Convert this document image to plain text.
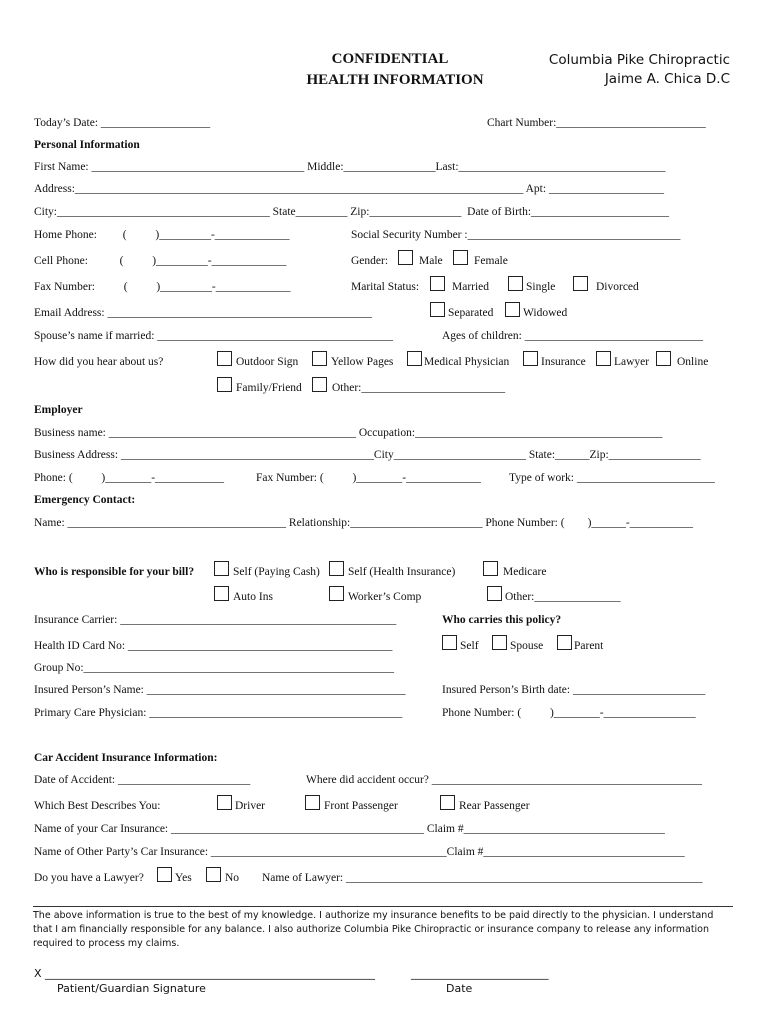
CONFIDENTIAL
HEALTH INFORMATION
Columbia Pike Chiropractic
Jaime A. Chica D.C
Today’s Date: ___________________	Chart Number:__________________________
Personal Information
First Name: _____________________________________ Middle:________________Last:____________________________________
Address:______________________________________________________________________________ Apt: ____________________
City:_____________________________________ State_________ Zip:________________  Date of Birth:________________________
Home Phone:         (          )_________-_____________	Social Security Number :_____________________________________
Cell Phone:           (          )_________-_____________	Gender:	Male	Female
Fax Number:          (          )_________-_____________	Marital Status:	Married	Single	Divorced
Email Address: ______________________________________________	Separated	Widowed
Spouse’s name if married: _________________________________________	Ages of children: _______________________________
How did you hear about us?	Outdoor Sign	Yellow Pages	Medical Physician	Insurance Lawyer Online
Family/Friend	Other:_________________________
Employer
Business name: ___________________________________________ Occupation:___________________________________________
Business Address: ____________________________________________City_______________________ State:______Zip:________________
Phone: (          )________-____________	Fax Number: (          )________-_____________ Type of work: ________________________
Emergency Contact:
Name: ______________________________________ Relationship:_______________________ Phone Number: (        )______-___________
Who is responsible for your bill?	Self (Paying Cash) Self (Health Insurance)	Medicare
Auto Ins	Worker’s Comp	Other:_______________
Insurance Carrier: ________________________________________________	Who carries this policy?
Health ID Card No: ______________________________________________	Self	Spouse	Parent
Group No:______________________________________________________
Insured Person’s Name: _____________________________________________	Insured Person’s Birth date: _______________________
Primary Care Physician: ____________________________________________	Phone Number: (          )________-________________
Car Accident Insurance Information:
Date of Accident: _______________________	Where did accident occur? _______________________________________________
Which Best Describes You:	Driver	Front Passenger	Rear Passenger
Name of your Car Insurance: ____________________________________________ Claim #___________________________________
Name of Other Party’s Car Insurance: _________________________________________Claim #___________________________________
Do you have a Lawyer?	Yes	No Name of Lawyer: ______________________________________________________________
The above information is true to the best of my knowledge. I authorize my insurance benefits to be paid directly to the physician. I understand that I am financially responsible for any balance. I also authorize Columbia Pike Chiropractic or insurance company to release any information required to process my claims.
X ____________________________________________________________	_________________________
Patient/Guardian Signature	Date
